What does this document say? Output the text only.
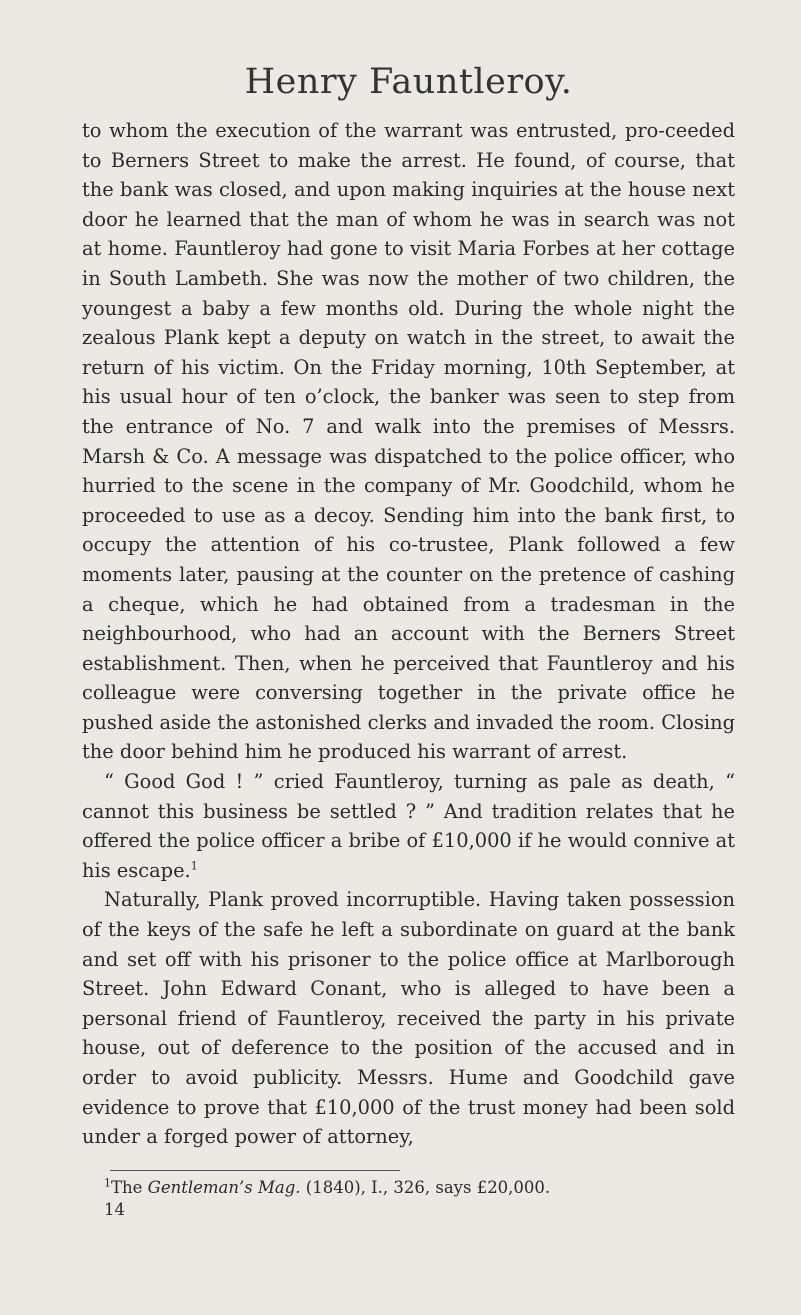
Henry Fauntleroy.

to whom the execution of the warrant was entrusted, pro-ceeded to Berners Street to make the arrest. He found, of course, that the bank was closed, and upon making inquiries at the house next door he learned that the man of whom he was in search was not at home. Fauntleroy had gone to visit Maria Forbes at her cottage in South Lambeth. She was now the mother of two children, the youngest a baby a few months old. During the whole night the zealous Plank kept a deputy on watch in the street, to await the return of his victim. On the Friday morning, 10th September, at his usual hour of ten o’clock, the banker was seen to step from the entrance of No. 7 and walk into the premises of Messrs. Marsh & Co. A message was dispatched to the police officer, who hurried to the scene in the company of Mr. Goodchild, whom he proceeded to use as a decoy. Sending him into the bank first, to occupy the attention of his co-trustee, Plank followed a few moments later, pausing at the counter on the pretence of cashing a cheque, which he had obtained from a tradesman in the neighbourhood, who had an account with the Berners Street establishment. Then, when he perceived that Fauntleroy and his colleague were conversing together in the private office he pushed aside the astonished clerks and invaded the room. Closing the door behind him he produced his warrant of arrest.

“ Good God ! ” cried Fauntleroy, turning as pale as death, “ cannot this business be settled ? ” And tradition relates that he offered the police officer a bribe of £10,000 if he would connive at his escape.$^1$

Naturally, Plank proved incorruptible. Having taken possession of the keys of the safe he left a subordinate on guard at the bank and set off with his prisoner to the police office at Marlborough Street. John Edward Conant, who is alleged to have been a personal friend of Fauntleroy, received the party in his private house, out of deference to the position of the accused and in order to avoid publicity. Messrs. Hume and Goodchild gave evidence to prove that £10,000 of the trust money had been sold under a forged power of attorney,

$^1$The Gentleman’s Mag. (1840), I., 326, says £20,000.

14
